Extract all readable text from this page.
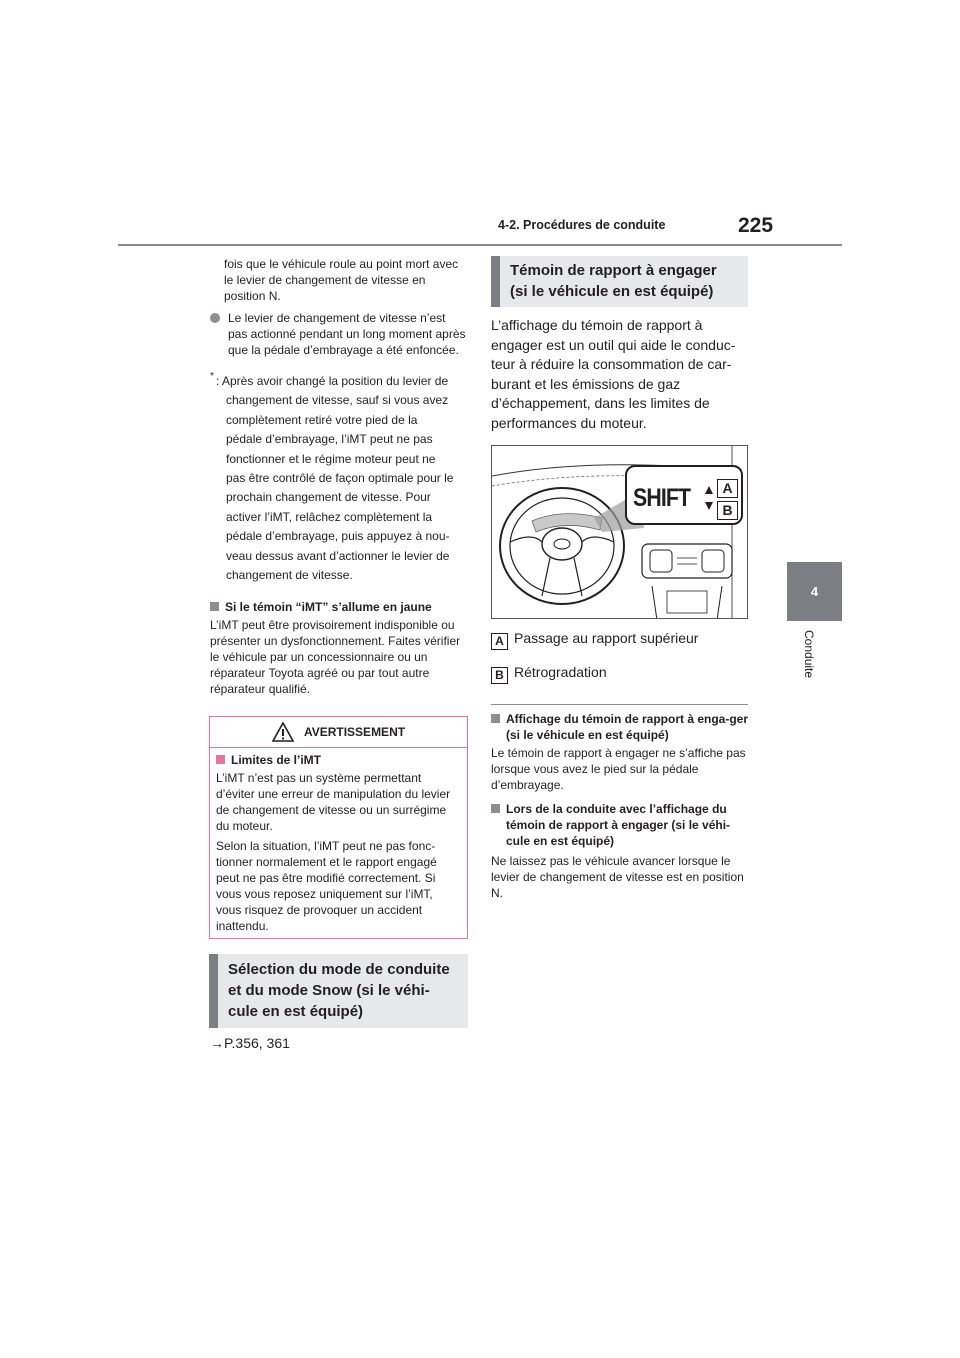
4-2. Procédures de conduite	225
4
Conduite
fois que le véhicule roule au point mort avec le levier de changement de vitesse en position N.
Le levier de changement de vitesse n’est pas actionné pendant un long moment après que la pédale d’embrayage a été enfoncée.
* : Après avoir changé la position du levier de
changement de vitesse, sauf si vous avez
complètement retiré votre pied de la
pédale d’embrayage, l’iMT peut ne pas
fonctionner et le régime moteur peut ne
pas être contrôlé de façon optimale pour le
prochain changement de vitesse. Pour
activer l’iMT, relâchez complètement la
pédale d’embrayage, puis appuyez à nou-
veau dessus avant d’actionner le levier de
changement de vitesse.
Si le témoin “iMT” s’allume en jaune
L’iMT peut être provisoirement indisponible ou présenter un dysfonctionnement. Faites vérifier le véhicule par un concessionnaire ou un réparateur Toyota agréé ou par tout autre réparateur qualifié.
AVERTISSEMENT
Limites de l’iMT
L’iMT n’est pas un système permettant d’éviter une erreur de manipulation du levier de changement de vitesse ou un surrégime du moteur.
Selon la situation, l’iMT peut ne pas fonc-tionner normalement et le rapport engagé peut ne pas être modifié correctement. Si vous vous reposez uniquement sur l’iMT, vous risquez de provoquer un accident inattendu.
Sélection du mode de conduite et du mode Snow (si le véhi-cule en est équipé)
→P.356, 361
Témoin de rapport à engager (si le véhicule en est équipé)
L’affichage du témoin de rapport à engager est un outil qui aide le conduc-teur à réduire la consommation de car-burant et les émissions de gaz d’échappement, dans les limites de performances du moteur.
SHIFT	A
B
A Passage au rapport supérieur
B Rétrogradation
Affichage du témoin de rapport à enga-ger (si le véhicule en est équipé)
Le témoin de rapport à engager ne s’affiche pas lorsque vous avez le pied sur la pédale d’embrayage.
Lors de la conduite avec l’affichage du témoin de rapport à engager (si le véhi-cule en est équipé)
Ne laissez pas le véhicule avancer lorsque le levier de changement de vitesse est en position N.
